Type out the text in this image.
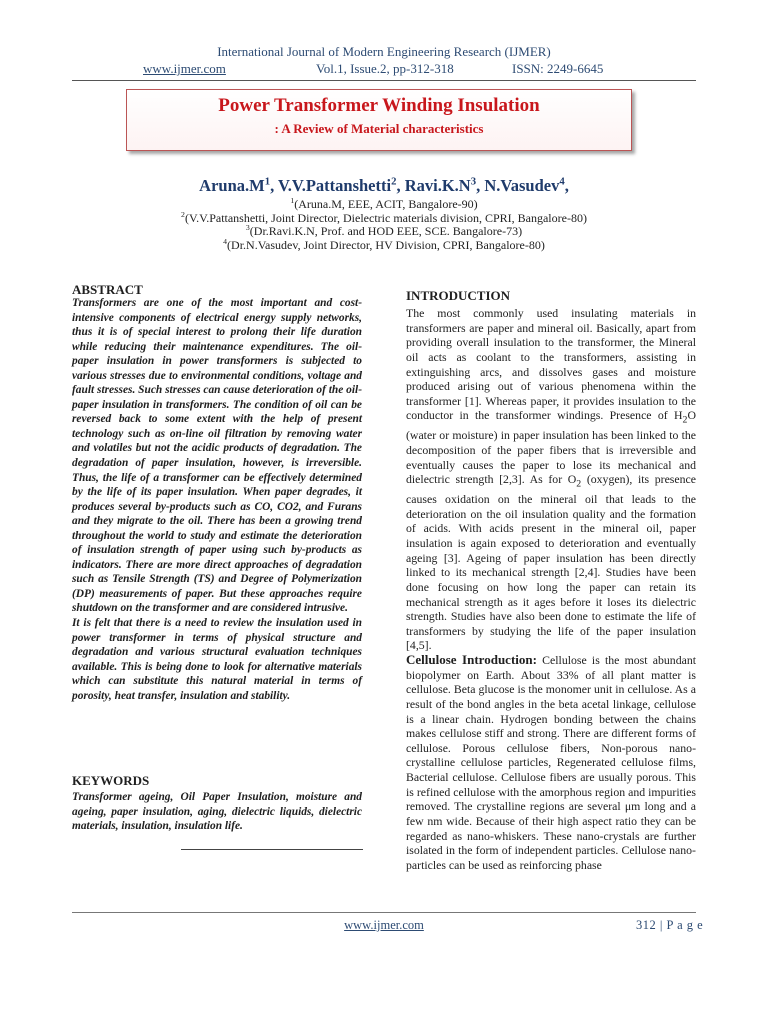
International Journal of Modern Engineering Research (IJMER)
www.ijmer.com	Vol.1, Issue.2, pp-312-318	ISSN: 2249-6645
Power Transformer Winding Insulation
: A Review of Material characteristics
$Aruna.M^1$, V.V.Pattanshetti$^2$, $Ravi.K.N^3$, N.Vasudev$^4$,
$^1$(Aruna.M, EEE, ACIT, Bangalore-90)
$^2$(V.V.Pattanshetti, Joint Director, Dielectric materials division, CPRI, Bangalore-80)
$^3$(Dr.Ravi.K.N, Prof. and HOD EEE, SCE. Bangalore-73)
$^4$(Dr.N.Vasudev, Joint Director, HV Division, CPRI, Bangalore-80)
ABSTRACT

Transformers are one of the most important and cost-intensive components of electrical energy supply networks, thus it is of special interest to prolong their life duration while reducing their maintenance expenditures. The oil-paper insulation in power transformers is subjected to various stresses due to environmental conditions, voltage and fault stresses. Such stresses can cause deterioration of the oil-paper insulation in transformers. The condition of oil can be reversed back to some extent with the help of present technology such as on-line oil filtration by removing water and volatiles but not the acidic products of degradation. The degradation of paper insulation, however, is irreversible. Thus, the life of a transformer can be effectively determined by the life of its paper insulation. When paper degrades, it produces several by-products such as CO, CO2, and Furans and they migrate to the oil. There has been a growing trend throughout the world to study and estimate the deterioration of insulation strength of paper using such by-products as indicators. There are more direct approaches of degradation such as Tensile Strength (TS) and Degree of Polymerization (DP) measurements of paper. But these approaches require shutdown on the transformer and are considered intrusive.

It is felt that there is a need to review the insulation used in power transformer in terms of physical structure and degradation and various structural evaluation techniques available. This is being done to look for alternative materials which can substitute this natural material in terms of porosity, heat transfer, insulation and stability.

KEYWORDS
Transformer ageing, Oil Paper Insulation, moisture and ageing, paper insulation, aging, dielectric liquids, dielectric materials, insulation, insulation life.
INTRODUCTION

The most commonly used insulating materials in transformers are paper and mineral oil. Basically, apart from providing overall insulation to the transformer, the Mineral oil acts as coolant to the transformers, assisting in extinguishing arcs, and dissolves gases and moisture produced arising out of various phenomena within the transformer [1]. Whereas paper, it provides insulation to the conductor in the transformer windings. Presence of $H_2O$ (water or moisture) in paper insulation has been linked to the decomposition of the paper fibers that is irreversible and eventually causes the paper to lose its mechanical and dielectric strength [2,3]. As for $O_2$ (oxygen), its presence causes oxidation on the mineral oil that leads to the deterioration on the oil insulation quality and the formation of acids. With acids present in the mineral oil, paper insulation is again exposed to deterioration and eventually ageing [3]. Ageing of paper insulation has been directly linked to its mechanical strength [2,4]. Studies have been done focusing on how long the paper can retain its mechanical strength as it ages before it loses its dielectric strength. Studies have also been done to estimate the life of transformers by studying the life of the paper insulation [4,5].

Cellulose Introduction: Cellulose is the most abundant biopolymer on Earth. About 33% of all plant matter is cellulose. Beta glucose is the monomer unit in cellulose. As a result of the bond angles in the beta acetal linkage, cellulose is a linear chain. Hydrogen bonding between the chains makes cellulose stiff and strong. There are different forms of cellulose. Porous cellulose fibers, Non-porous nano-crystalline cellulose particles, Regenerated cellulose films, Bacterial cellulose. Cellulose fibers are usually porous. This is refined cellulose with the amorphous region and impurities removed. The crystalline regions are several μm long and a few nm wide. Because of their high aspect ratio they can be regarded as nano-whiskers. These nano-crystals are further isolated in the form of independent particles. Cellulose nano-particles can be used as reinforcing phase

www.ijmer.com	312 | P a g e
